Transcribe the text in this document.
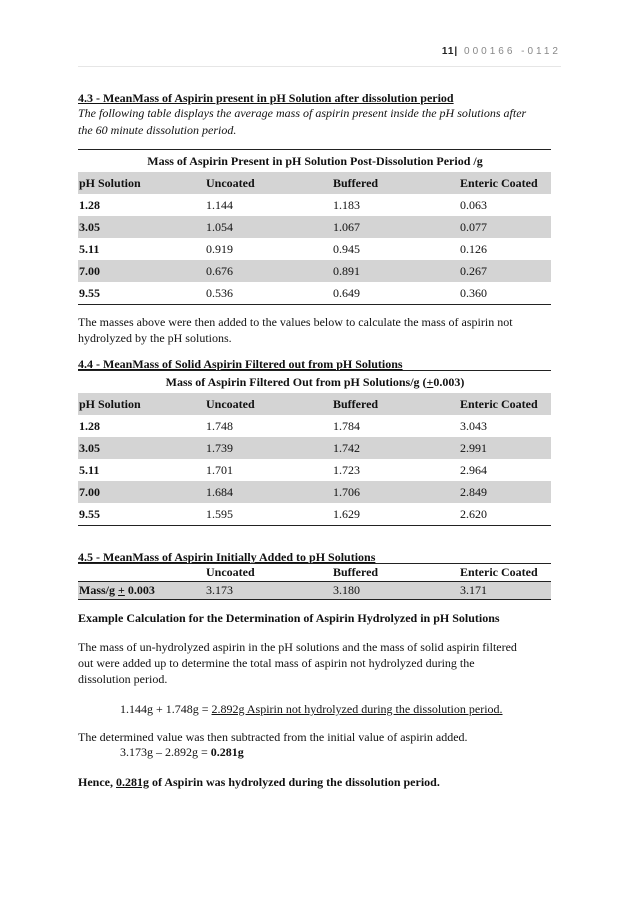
11| 000166 -0112
4.3 - MeanMass of Aspirin present in pH Solution after dissolution period
The following table displays the average mass of aspirin present inside the pH solutions after
the 60 minute dissolution period.
Mass of Aspirin Present in pH Solution Post-Dissolution Period /g			
pH Solution	Uncoated	Buffered	Enteric Coated
1.28	1.144	1.183	0.063
3.05	1.054	1.067	0.077
5.11	0.919	0.945	0.126
7.00	0.676	0.891	0.267
9.55	0.536	0.649	0.360
The masses above were then added to the values below to calculate the mass of aspirin not
hydrolyzed by the pH solutions.
4.4 - MeanMass of Solid Aspirin Filtered out from pH Solutions
Mass of Aspirin Filtered Out from pH Solutions/g (+0.003)			
pH Solution	Uncoated	Buffered	Enteric Coated
1.28	1.748	1.784	3.043
3.05	1.739	1.742	2.991
5.11	1.701	1.723	2.964
7.00	1.684	1.706	2.849
9.55	1.595	1.629	2.620
4.5 - MeanMass of Aspirin Initially Added to pH Solutions
	Uncoated	Buffered	Enteric Coated
Mass/g + 0.003	3.173	3.180	3.171
Example Calculation for the Determination of Aspirin Hydrolyzed in pH Solutions
The mass of un-hydrolyzed aspirin in the pH solutions and the mass of solid aspirin filtered
out were added up to determine the total mass of aspirin not hydrolyzed during the
dissolution period.
1.144g + 1.748g = 2.892g Aspirin not hydrolyzed during the dissolution period.
The determined value was then subtracted from the initial value of aspirin added.
3.173g – 2.892g = 0.281g
Hence, 0.281g of Aspirin was hydrolyzed during the dissolution period.
